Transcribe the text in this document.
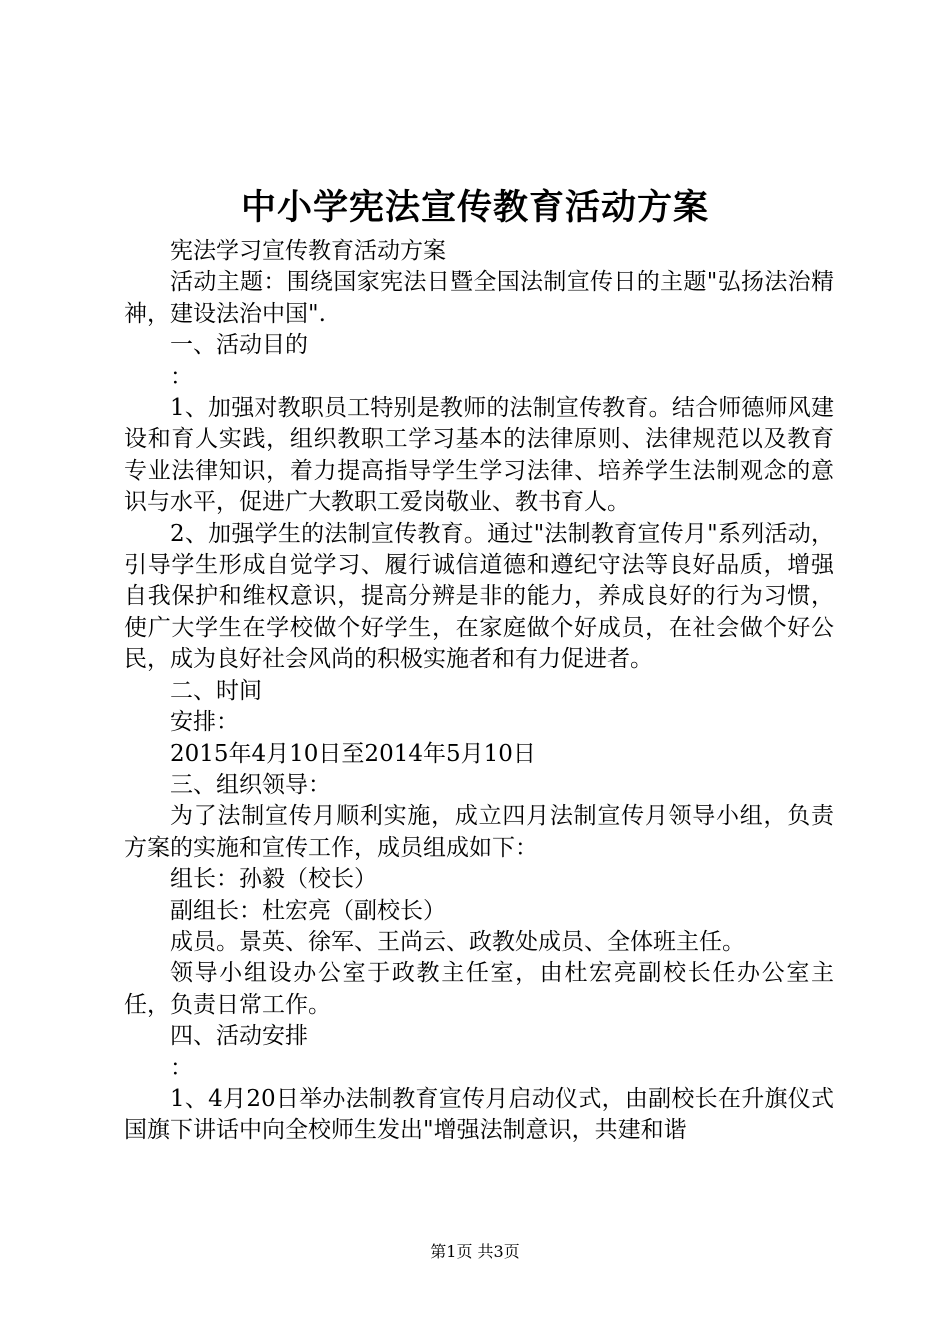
中小学宪法宣传教育活动方案

宪法学习宣传教育活动方案

活动主题：围绕国家宪法日暨全国法制宣传日的主题"弘扬法治精神，建设法治中国".

一、活动目的

：

1、加强对教职员工特别是教师的法制宣传教育。结合师德师风建设和育人实践，组织教职工学习基本的法律原则、法律规范以及教育专业法律知识，着力提高指导学生学习法律、培养学生法制观念的意识与水平，促进广大教职工爱岗敬业、教书育人。

2、加强学生的法制宣传教育。通过"法制教育宣传月"系列活动，引导学生形成自觉学习、履行诚信道德和遵纪守法等良好品质，增强自我保护和维权意识，提高分辨是非的能力，养成良好的行为习惯，使广大学生在学校做个好学生，在家庭做个好成员，在社会做个好公民，成为良好社会风尚的积极实施者和有力促进者。

二、时间

安排：

2015年4月10日至2014年5月10日

三、组织领导：

为了法制宣传月顺利实施，成立四月法制宣传月领导小组，负责方案的实施和宣传工作，成员组成如下：

组长：孙毅（校长）

副组长：杜宏亮（副校长）

成员。景英、徐军、王尚云、政教处成员、全体班主任。

领导小组设办公室于政教主任室，由杜宏亮副校长任办公室主任，负责日常工作。

四、活动安排

：

1、4月20日举办法制教育宣传月启动仪式，由副校长在升旗仪式国旗下讲话中向全校师生发出"增强法制意识，共建和谐

第1页 共3页
